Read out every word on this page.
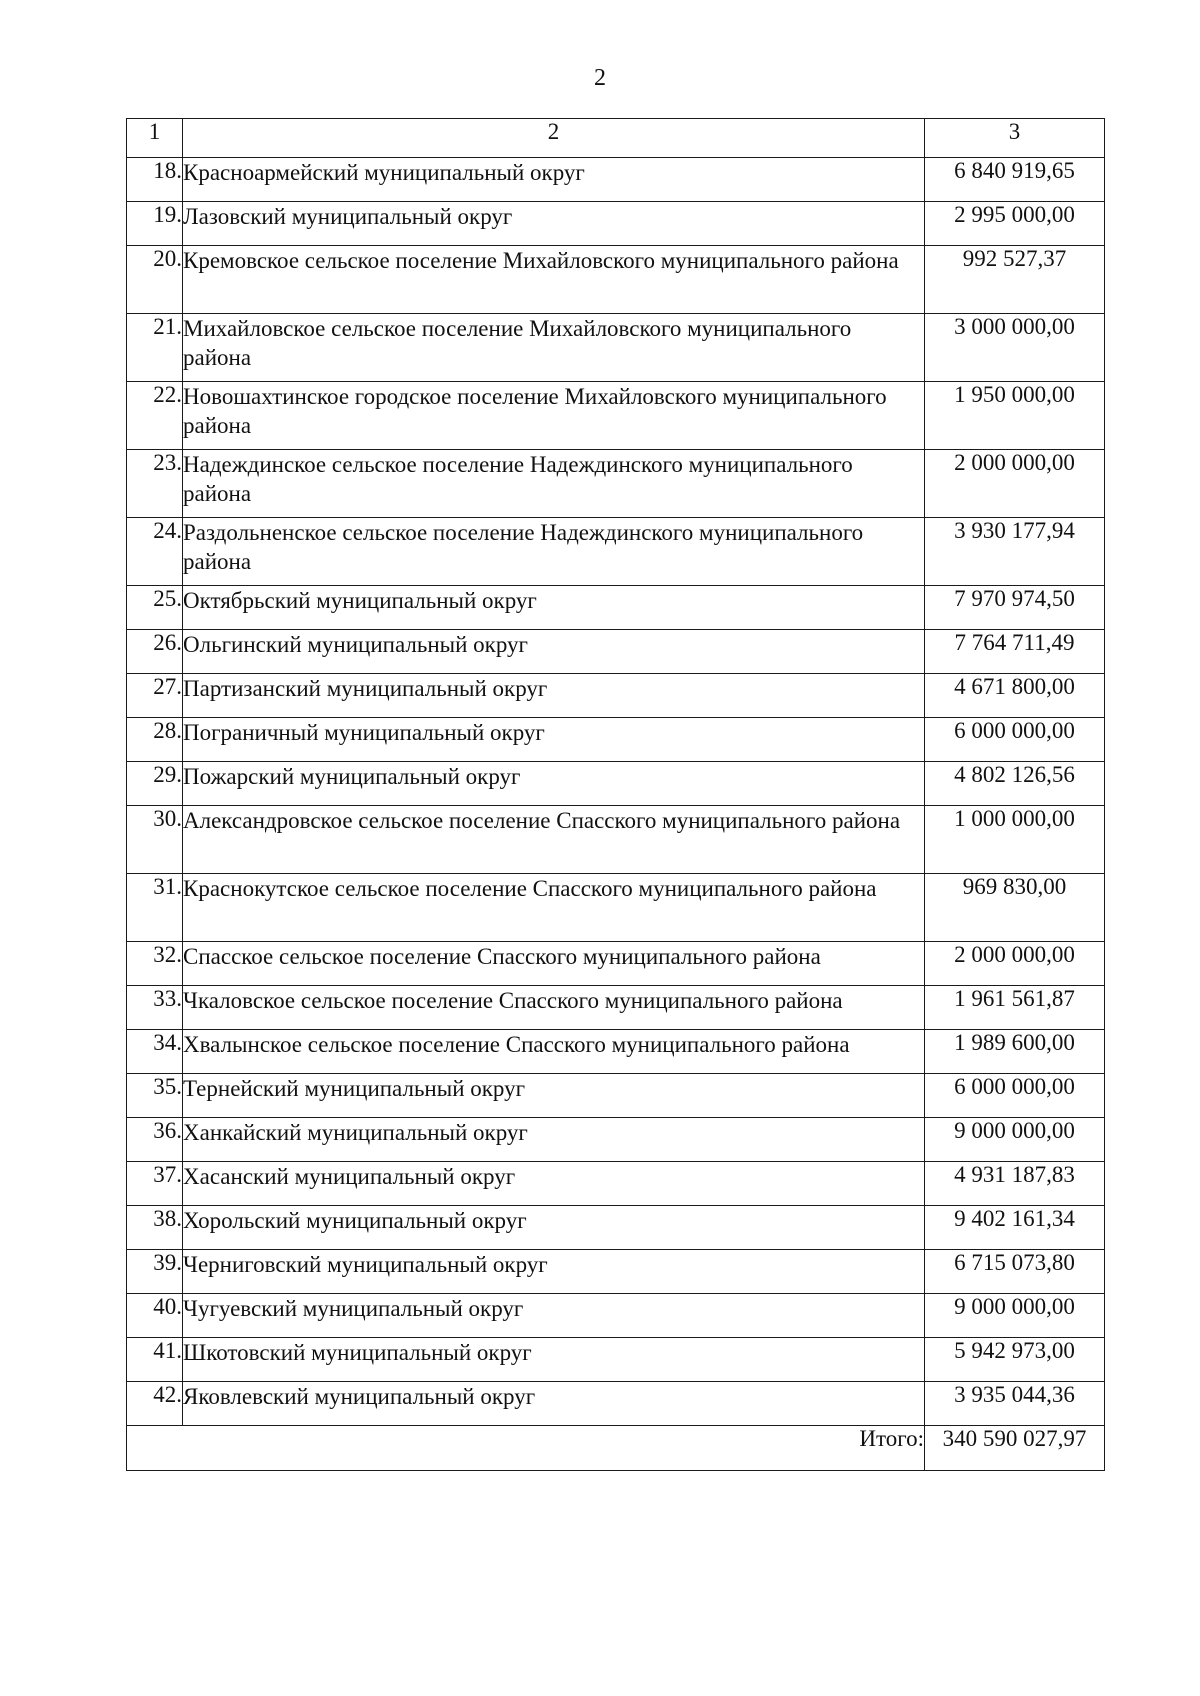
2
1	2	3
18.	Красноармейский муниципальный округ	6 840 919,65
19.	Лазовский муниципальный округ	2 995 000,00
20.	Кремовское сельское поселение Михайловского муниципального района	992 527,37
21.	Михайловское сельское поселение Михайловского муниципального района	3 000 000,00
22.	Новошахтинское городское поселение Михайловского муниципального района	1 950 000,00
23.	Надеждинское сельское поселение Надеждинского муниципального района	2 000 000,00
24.	Раздольненское сельское поселение Надеждинского муниципального района	3 930 177,94
25.	Октябрьский муниципальный округ	7 970 974,50
26.	Ольгинский муниципальный округ	7 764 711,49
27.	Партизанский муниципальный округ	4 671 800,00
28.	Пограничный муниципальный округ	6 000 000,00
29.	Пожарский муниципальный округ	4 802 126,56
30.	Александровское сельское поселение Спасского муниципального района	1 000 000,00
31.	Краснокутское сельское поселение Спасского муниципального района	969 830,00
32.	Спасское сельское поселение Спасского муниципального района	2 000 000,00
33.	Чкаловское сельское поселение Спасского муниципального района	1 961 561,87
34.	Хвалынское сельское поселение Спасского муниципального района	1 989 600,00
35.	Тернейский муниципальный округ	6 000 000,00
36.	Ханкайский муниципальный округ	9 000 000,00
37.	Хасанский муниципальный округ	4 931 187,83
38.	Хорольский муниципальный округ	9 402 161,34
39.	Черниговский муниципальный округ	6 715 073,80
40.	Чугуевский муниципальный округ	9 000 000,00
41.	Шкотовский муниципальный округ	5 942 973,00
42.	Яковлевский муниципальный округ	3 935 044,36
Итого:		340 590 027,97
